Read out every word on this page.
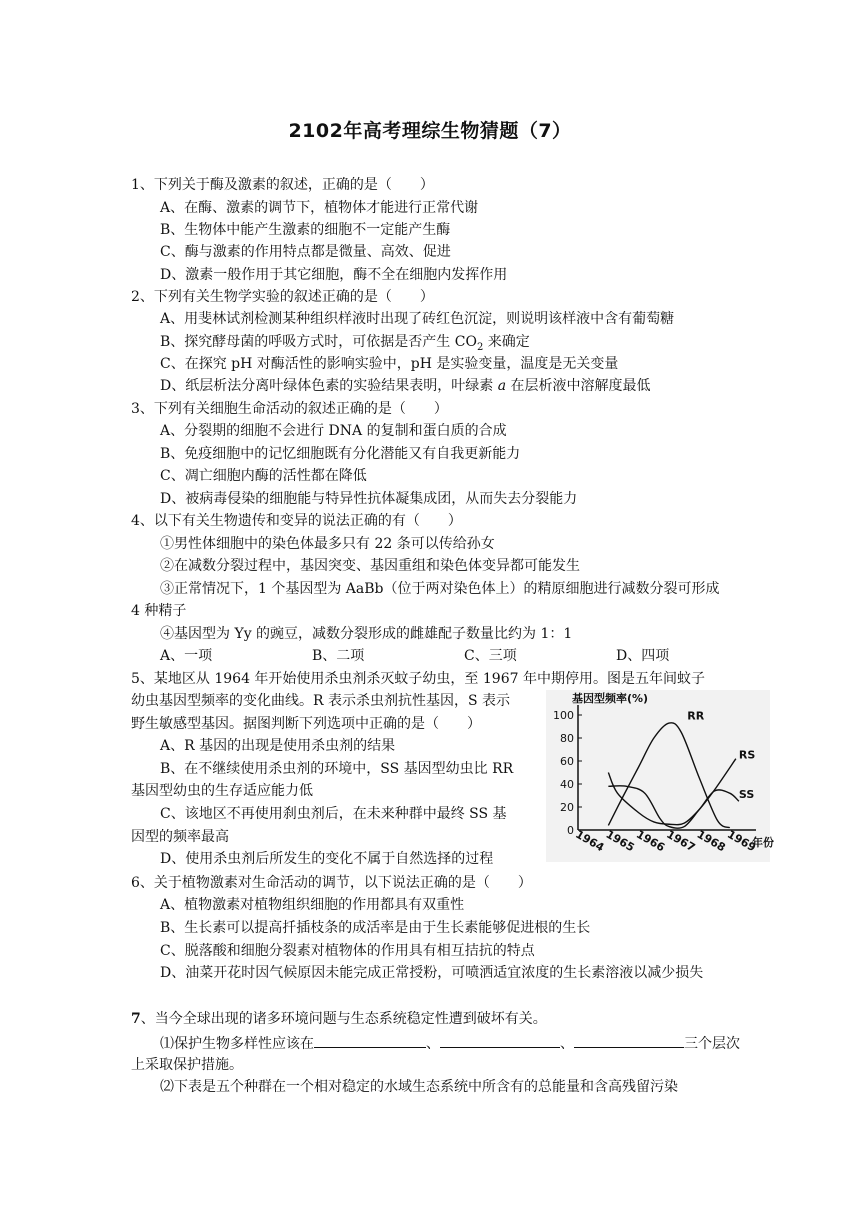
2102年高考理综生物猜题（7）
1、下列关于酶及激素的叙述，正确的是（　　）
A、在酶、激素的调节下，植物体才能进行正常代谢
B、生物体中能产生激素的细胞不一定能产生酶
C、酶与激素的作用特点都是微量、高效、促进
D、激素一般作用于其它细胞，酶不全在细胞内发挥作用
2、下列有关生物学实验的叙述正确的是（　　）
A、用斐林试剂检测某种组织样液时出现了砖红色沉淀，则说明该样液中含有葡萄糖
B、探究酵母菌的呼吸方式时，可依据是否产生 $CO_2$ 来确定
C、在探究 pH 对酶活性的影响实验中，pH 是实验变量，温度是无关变量
D、纸层析法分离叶绿体色素的实验结果表明，叶绿素 a 在层析液中溶解度最低
3、下列有关细胞生命活动的叙述正确的是（　　）
A、分裂期的细胞不会进行 DNA 的复制和蛋白质的合成
B、免疫细胞中的记忆细胞既有分化潜能又有自我更新能力
C、凋亡细胞内酶的活性都在降低
D、被病毒侵染的细胞能与特异性抗体凝集成团，从而失去分裂能力
4、以下有关生物遗传和变异的说法正确的有（　　）
①男性体细胞中的染色体最多只有 22 条可以传给孙女
②在减数分裂过程中，基因突变、基因重组和染色体变异都可能发生
③正常情况下，1 个基因型为 AaBb（位于两对染色体上）的精原细胞进行减数分裂可形成
4 种精子
④基因型为 Yy 的豌豆，减数分裂形成的雌雄配子数量比约为 1：1
A、一项	B、二项	C、三项	D、四项
5、某地区从 1964 年开始使用杀虫剂杀灭蚊子幼虫，至 1967 年中期停用。图是五年间蚊子
幼虫基因型频率的变化曲线。R 表示杀虫剂抗性基因，S 表示
野生敏感型基因。据图判断下列选项中正确的是（　　）
A、R 基因的出现是使用杀虫剂的结果
B、在不继续使用杀虫剂的环境中，SS 基因型幼虫比 RR
基因型幼虫的生存适应能力低
C、该地区不再使用刹虫剂后，在未来种群中最终 SS 基
因型的频率最高
D、使用杀虫剂后所发生的变化不属于自然选择的过程
0
20
40
60
80
100
基因型频率(%)
1964
1965
1966
1967
1968
1969
年份
RR
RS
SS
6、关于植物激素对生命活动的调节，以下说法正确的是（　　）
A、植物激素对植物组织细胞的作用都具有双重性
B、生长素可以提高扦插枝条的成活率是由于生长素能够促进根的生长
C、脱落酸和细胞分裂素对植物体的作用具有相互拮抗的特点
D、油菜开花时因气候原因未能完成正常授粉，可喷洒适宜浓度的生长素溶液以减少损失
7、当今全球出现的诸多环境问题与生态系统稳定性遭到破坏有关。
⑴保护生物多样性应该在	、	、	三个层次
上采取保护措施。
⑵下表是五个种群在一个相对稳定的水域生态系统中所含有的总能量和含高残留污染
